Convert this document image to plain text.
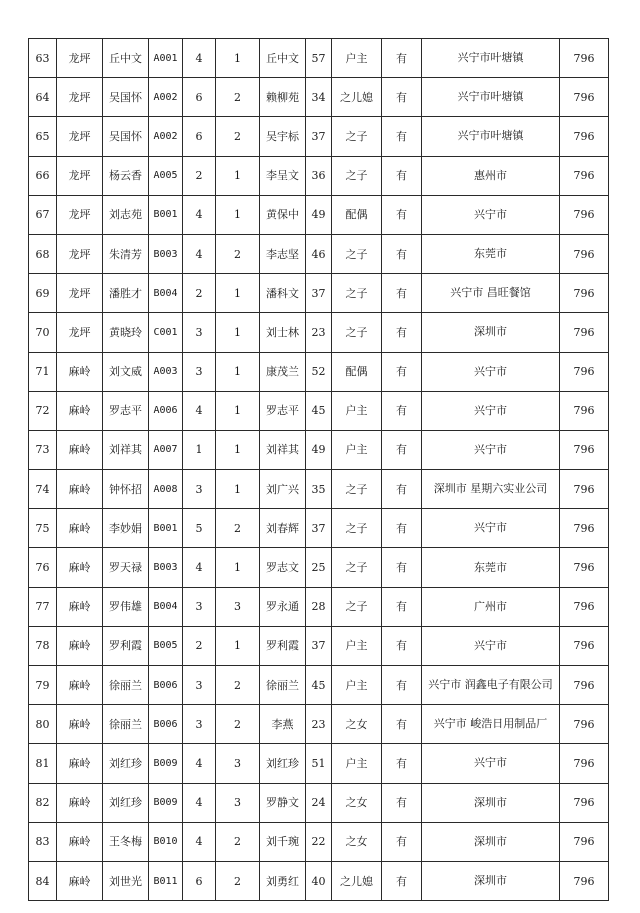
63	龙坪	丘中文	A001	4	1	丘中文	57	户主	有	兴宁市叶塘镇	796
64	龙坪	吴国怀	A002	6	2	赖柳苑	34	之儿媳	有	兴宁市叶塘镇	796
65	龙坪	吴国怀	A002	6	2	吴宇标	37	之子	有	兴宁市叶塘镇	796
66	龙坪	杨云香	A005	2	1	李呈文	36	之子	有	惠州市	796
67	龙坪	刘志苑	B001	4	1	黄保中	49	配偶	有	兴宁市	796
68	龙坪	朱清芳	B003	4	2	李志坚	46	之子	有	东莞市	796
69	龙坪	潘胜才	B004	2	1	潘科文	37	之子	有	兴宁市 昌旺餐馆	796
70	龙坪	黄晓玲	C001	3	1	刘士林	23	之子	有	深圳市	796
71	麻岭	刘文威	A003	3	1	康茂兰	52	配偶	有	兴宁市	796
72	麻岭	罗志平	A006	4	1	罗志平	45	户主	有	兴宁市	796
73	麻岭	刘祥其	A007	1	1	刘祥其	49	户主	有	兴宁市	796
74	麻岭	钟怀招	A008	3	1	刘广兴	35	之子	有	深圳市 星期六实业公司	796
75	麻岭	李妙娟	B001	5	2	刘春辉	37	之子	有	兴宁市	796
76	麻岭	罗天禄	B003	4	1	罗志文	25	之子	有	东莞市	796
77	麻岭	罗伟雄	B004	3	3	罗永通	28	之子	有	广州市	796
78	麻岭	罗利霞	B005	2	1	罗利霞	37	户主	有	兴宁市	796
79	麻岭	徐丽兰	B006	3	2	徐丽兰	45	户主	有	兴宁市 润鑫电子有限公司	796
80	麻岭	徐丽兰	B006	3	2	李燕	23	之女	有	兴宁市 峻浩日用制品厂	796
81	麻岭	刘红珍	B009	4	3	刘红珍	51	户主	有	兴宁市	796
82	麻岭	刘红珍	B009	4	3	罗静文	24	之女	有	深圳市	796
83	麻岭	王冬梅	B010	4	2	刘千琬	22	之女	有	深圳市	796
84	麻岭	刘世光	B011	6	2	刘勇红	40	之儿媳	有	深圳市	796
